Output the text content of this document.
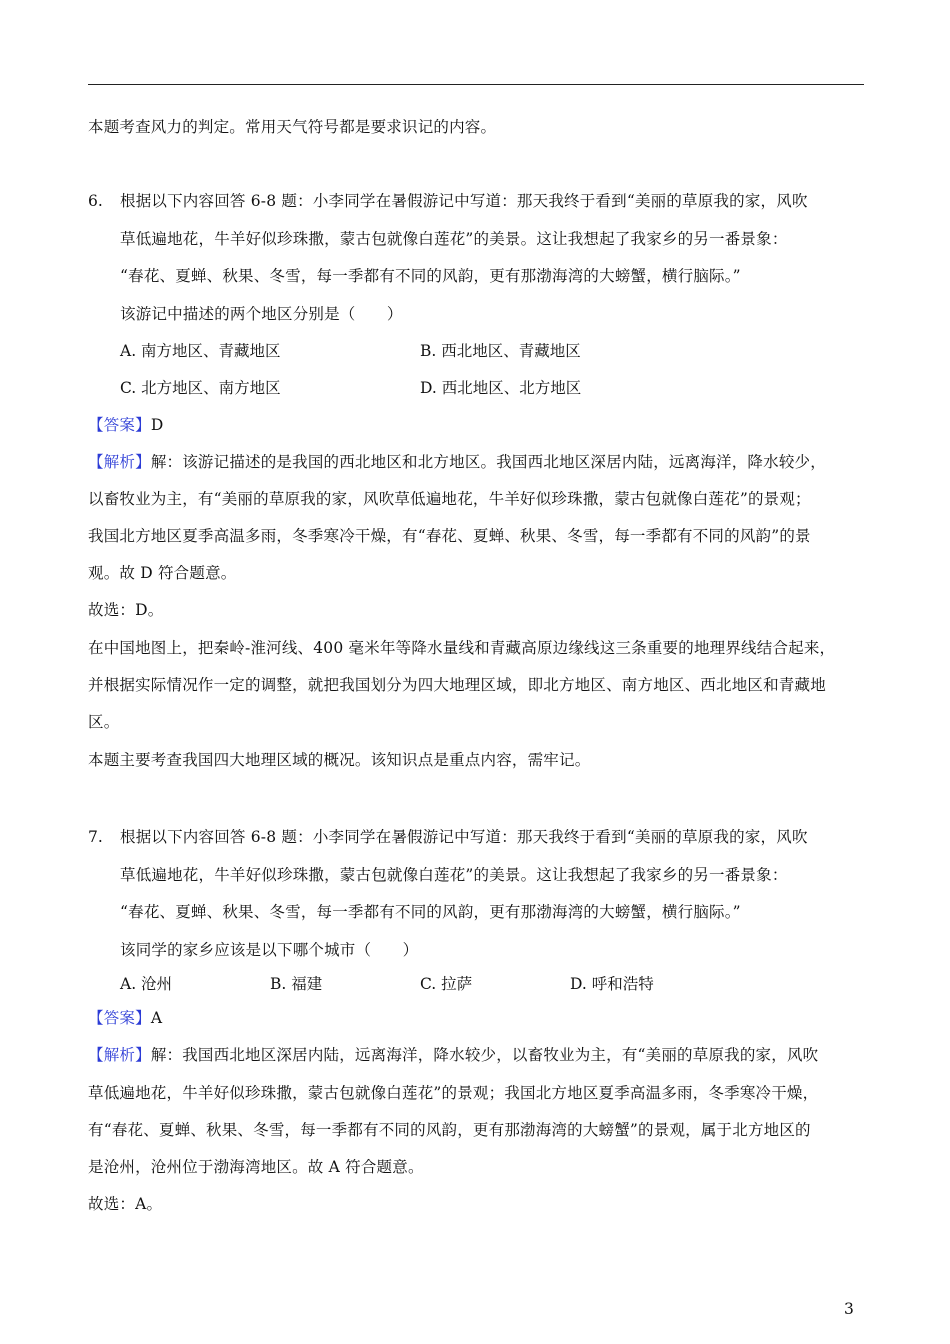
本题考查风力的判定。常用天气符号都是要求识记的内容。
6. 根据以下内容回答 6-8 题：小李同学在暑假游记中写道：那天我终于看到“美丽的草原我的家，风吹
草低遍地花，牛羊好似珍珠撒，蒙古包就像白莲花”的美景。这让我想起了我家乡的另一番景象：
“春花、夏蝉、秋果、冬雪，每一季都有不同的风韵，更有那渤海湾的大螃蟹，横行脑际。”
该游记中描述的两个地区分别是（　　）
A. 南方地区、青藏地区	B. 西北地区、青藏地区
C. 北方地区、南方地区	D. 西北地区、北方地区
【答案】D
【解析】解：该游记描述的是我国的西北地区和北方地区。我国西北地区深居内陆，远离海洋，降水较少，
以畜牧业为主，有“美丽的草原我的家，风吹草低遍地花，牛羊好似珍珠撒，蒙古包就像白莲花”的景观；
我国北方地区夏季高温多雨，冬季寒冷干燥，有“春花、夏蝉、秋果、冬雪，每一季都有不同的风韵”的景
观。故 D 符合题意。
故选：D。
在中国地图上，把秦岭-淮河线、400 毫米年等降水量线和青藏高原边缘线这三条重要的地理界线结合起来，
并根据实际情况作一定的调整，就把我国划分为四大地理区域，即北方地区、南方地区、西北地区和青藏地
区。
本题主要考查我国四大地理区域的概况。该知识点是重点内容，需牢记。
7. 根据以下内容回答 6-8 题：小李同学在暑假游记中写道：那天我终于看到“美丽的草原我的家，风吹
草低遍地花，牛羊好似珍珠撒，蒙古包就像白莲花”的美景。这让我想起了我家乡的另一番景象：
“春花、夏蝉、秋果、冬雪，每一季都有不同的风韵，更有那渤海湾的大螃蟹，横行脑际。”
该同学的家乡应该是以下哪个城市（　　）
A. 沧州	B. 福建	C. 拉萨	D. 呼和浩特
【答案】A
【解析】解：我国西北地区深居内陆，远离海洋，降水较少，以畜牧业为主，有“美丽的草原我的家，风吹
草低遍地花，牛羊好似珍珠撒，蒙古包就像白莲花”的景观；我国北方地区夏季高温多雨，冬季寒冷干燥，
有“春花、夏蝉、秋果、冬雪，每一季都有不同的风韵，更有那渤海湾的大螃蟹”的景观，属于北方地区的
是沧州，沧州位于渤海湾地区。故 A 符合题意。
故选：A。
3
